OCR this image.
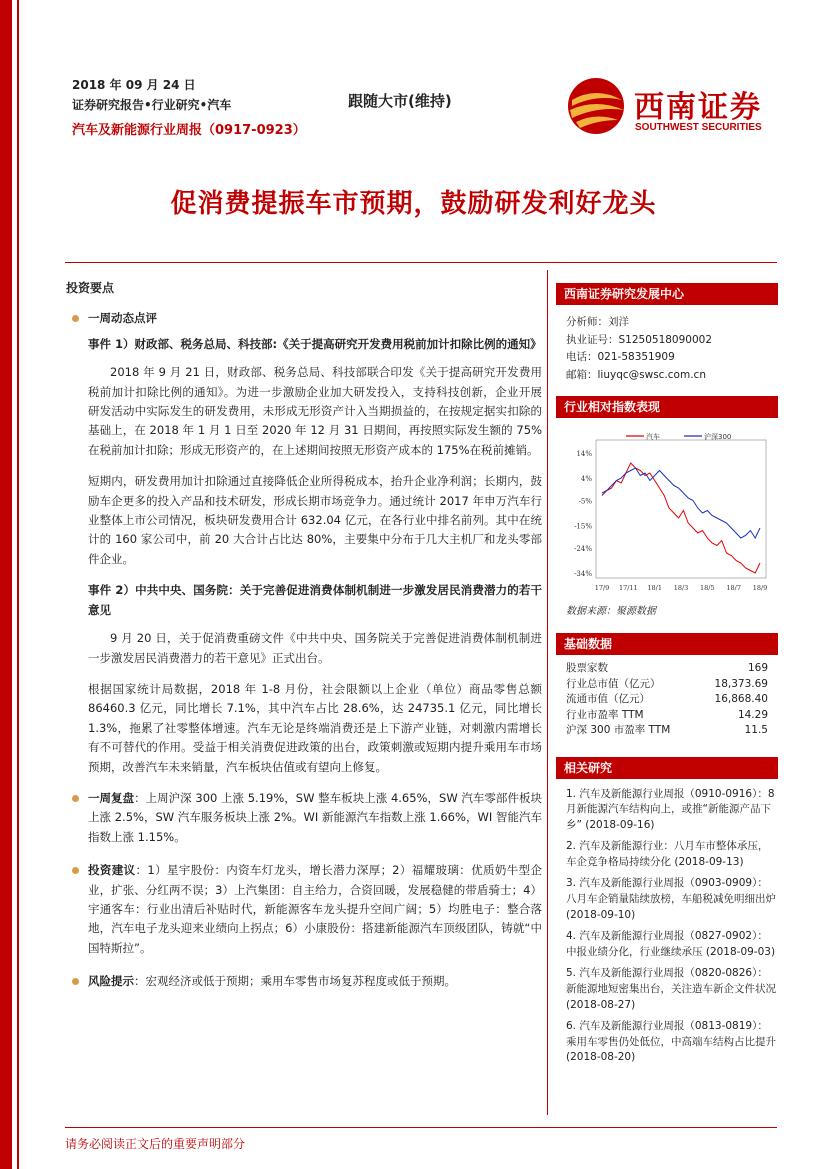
2018 年 09 月 24 日
证券研究报告•行业研究•汽车
汽车及新能源行业周报（0917-0923）
跟随大市(维持)	西南证券
SOUTHWEST SECURITIES
促消费提振车市预期，鼓励研发利好龙头
投资要点
一周动态点评
事件 1）财政部、税务总局、科技部:《关于提高研究开发费用税前加计扣除比例的通知》
2018 年 9 月 21 日，财政部、税务总局、科技部联合印发《关于提高研究开发费用税前加计扣除比例的通知》。为进一步激励企业加大研发投入，支持科技创新，企业开展研发活动中实际发生的研发费用，未形成无形资产计入当期损益的，在按规定据实扣除的基础上，在 2018 年 1 月 1 日至 2020 年 12 月 31 日期间，再按照实际发生额的 75%在税前加计扣除；形成无形资产的，在上述期间按照无形资产成本的 175%在税前摊销。
短期内，研发费用加计扣除通过直接降低企业所得税成本，抬升企业净利润；长期内，鼓励车企更多的投入产品和技术研发，形成长期市场竞争力。通过统计 2017 年申万汽车行业整体上市公司情况，板块研发费用合计 632.04 亿元，在各行业中排名前列。其中在统计的 160 家公司中，前 20 大合计占比达 80%，主要集中分布于几大主机厂和龙头零部件企业。
事件 2）中共中央、国务院：关于完善促进消费体制机制进一步激发居民消费潜力的若干意见
9 月 20 日，关于促消费重磅文件《中共中央、国务院关于完善促进消费体制机制进一步激发居民消费潜力的若干意见》正式出台。
根据国家统计局数据，2018 年 1-8 月份，社会限额以上企业（单位）商品零售总额 86460.3 亿元，同比增长 7.1%，其中汽车占比 28.6%，达 24735.1 亿元，同比增长 1.3%，拖累了社零整体增速。汽车无论是终端消费还是上下游产业链，对刺激内需增长有不可替代的作用。受益于相关消费促进政策的出台，政策刺激或短期内提升乘用车市场预期，改善汽车未来销量，汽车板块估值或有望向上修复。
一周复盘：上周沪深 300 上涨 5.19%，SW 整车板块上涨 4.65%，SW 汽车零部件板块上涨 2.5%，SW 汽车服务板块上涨 2%。WI 新能源汽车指数上涨 1.66%，WI 智能汽车指数上涨 1.15%。
投资建议：1）星宇股份：内资车灯龙头，增长潜力深厚；2）福耀玻璃：优质奶牛型企业，扩张、分红两不误；3）上汽集团：自主给力，合资回暖，发展稳健的带盾骑士；4）宇通客车：行业出清后补贴时代，新能源客车龙头提升空间广阔；5）均胜电子：整合落地，汽车电子龙头迎来业绩向上拐点；6）小康股份：搭建新能源汽车顶级团队，铸就“中国特斯拉”。
风险提示：宏观经济或低于预期；乘用车零售市场复苏程度或低于预期。
西南证券研究发展中心
分析师：刘洋
执业证号：S1250518090002
电话：021-58351909
邮箱：liuyqc@swsc.com.cn
行业相对指数表现
汽车	沪深300
14%
4%
-5%
-15%
-24%
-34%
17/9 17/11 18/1 18/3 18/5 18/7 18/9
数据来源：聚源数据
基础数据
股票家数	169
行业总市值（亿元）	18,373.69
流通市值（亿元）	16,868.40
行业市盈率 TTM	14.29
沪深 300 市盈率 TTM	11.5
相关研究
1. 汽车及新能源行业周报（0910-0916）：8 月新能源汽车结构向上，或推“新能源产品下乡” (2018-09-16)
2. 汽车及新能源行业：八月车市整体承压，车企竞争格局持续分化 (2018-09-13)
3. 汽车及新能源行业周报（0903-0909）：八月车企销量陆续放榜，车船税减免明细出炉 (2018-09-10)
4. 汽车及新能源行业周报（0827-0902）：中报业绩分化，行业继续承压 (2018-09-03)
5. 汽车及新能源行业周报（0820-0826）：新能源地短密集出台，关注造车新企文件状况 (2018-08-27)
6. 汽车及新能源行业周报（0813-0819）：乘用车零售仍处低位，中高端车结构占比提升 (2018-08-20)
请务必阅读正文后的重要声明部分
